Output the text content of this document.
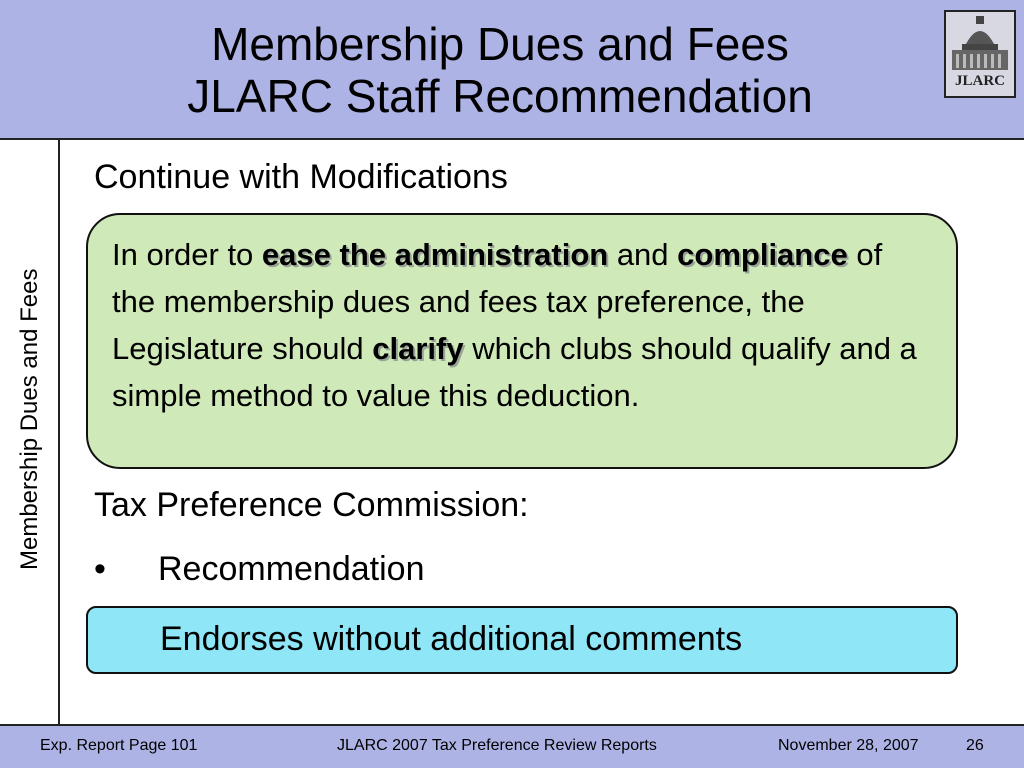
Membership Dues and Fees
JLARC Staff Recommendation	JLARC
Membership Dues and Fees
Continue with Modifications
In order to ease the administration and compliance of the membership dues and fees tax preference, the Legislature should clarify which clubs should qualify and a simple method to value this deduction.
Tax Preference Commission:
• Recommendation
Endorses without additional comments
Exp. Report Page 101	JLARC 2007 Tax Preference Review Reports	November 28, 2007	26
